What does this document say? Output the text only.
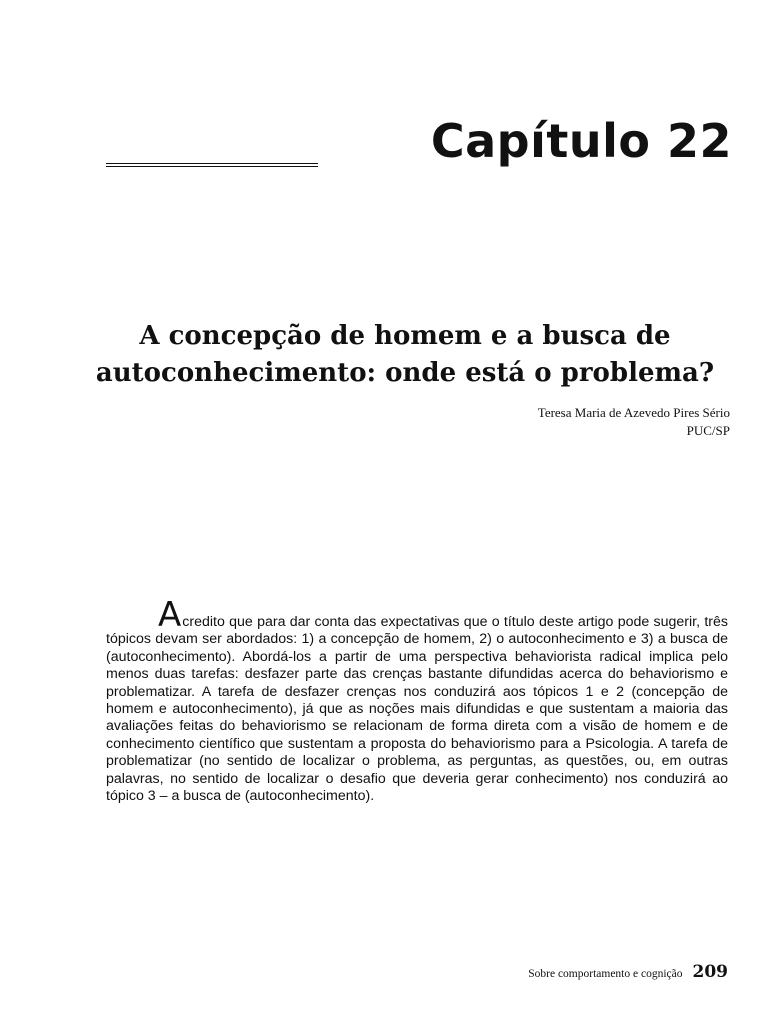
Capítulo 22
A concepção de homem e a busca de autoconhecimento: onde está o problema?
Teresa Maria de Azevedo Pires Sério
PUC/SP

Acredito que para dar conta das expectativas que o título deste artigo pode sugerir, três tópicos devam ser abordados: 1) a concepção de homem, 2) o autoconhecimento e 3) a busca de (autoconhecimento). Abordá-los a partir de uma perspectiva behaviorista radical implica pelo menos duas tarefas: desfazer parte das crenças bastante difundidas acerca do behaviorismo e problematizar. A tarefa de desfazer crenças nos conduzirá aos tópicos 1 e 2 (concepção de homem e autoconhecimento), já que as noções mais difundidas e que sustentam a maioria das avaliações feitas do behaviorismo se relacionam de forma direta com a visão de homem e de conhecimento científico que sustentam a proposta do behaviorismo para a Psicologia. A tarefa de problematizar (no sentido de localizar o problema, as perguntas, as questões, ou, em outras palavras, no sentido de localizar o desafio que deveria gerar conhecimento) nos conduzirá ao tópico 3 – a busca de (autoconhecimento).

Sobre comportamento e cognição 209
